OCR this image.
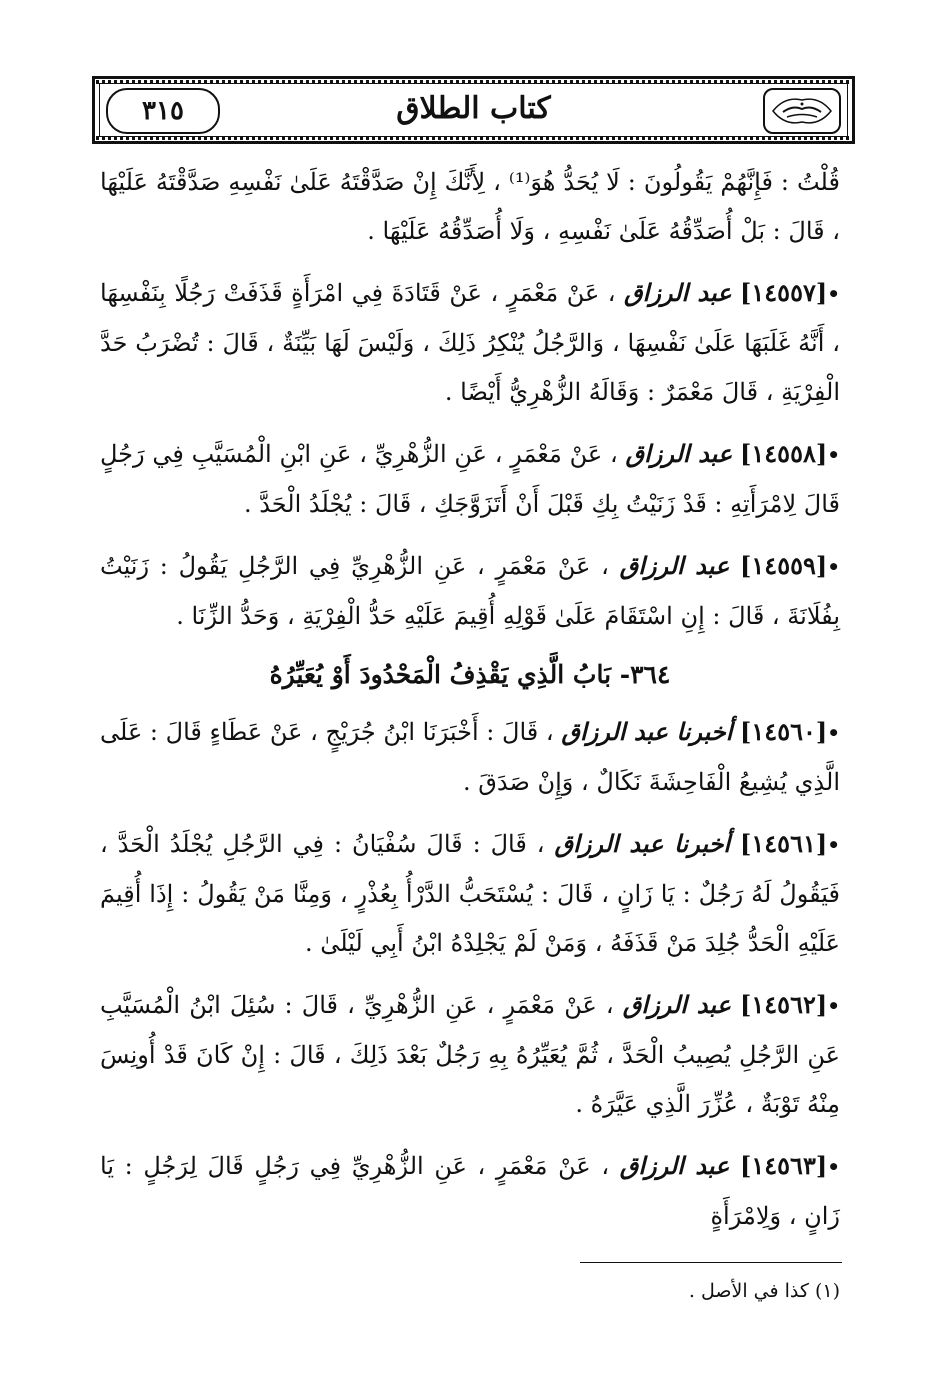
كتاب الطلاق
٣١٥

قُلْتُ : فَإِنَّهُمْ يَقُولُونَ : لَا يُحَدُّ هُوَ⁽¹⁾ ، لِأَنَّكَ إِنْ صَدَّقْتَهُ عَلَىٰ نَفْسِهِ صَدَّقْتَهُ عَلَيْهَا ، قَالَ : بَلْ أُصَدِّقُهُ عَلَىٰ نَفْسِهِ ، وَلَا أُصَدِّقُهُ عَلَيْهَا .

•[١٤٥٥٧] عبد الرزاق ، عَنْ مَعْمَرٍ ، عَنْ قَتَادَةَ فِي امْرَأَةٍ قَذَفَتْ رَجُلًا بِنَفْسِهَا ، أَنَّهُ غَلَبَهَا عَلَىٰ نَفْسِهَا ، وَالرَّجُلُ يُنْكِرُ ذَلِكَ ، وَلَيْسَ لَهَا بَيِّنَةٌ ، قَالَ : تُضْرَبُ حَدَّ الْفِرْيَةِ ، قَالَ مَعْمَرٌ : وَقَالَهُ الزُّهْرِيُّ أَيْضًا .

•[١٤٥٥٨] عبد الرزاق ، عَنْ مَعْمَرٍ ، عَنِ الزُّهْرِيِّ ، عَنِ ابْنِ الْمُسَيَّبِ فِي رَجُلٍ قَالَ لِامْرَأَتِهِ : قَدْ زَنَيْتُ بِكِ قَبْلَ أَنْ أَتَزَوَّجَكِ ، قَالَ : يُجْلَدُ الْحَدَّ .

•[١٤٥٥٩] عبد الرزاق ، عَنْ مَعْمَرٍ ، عَنِ الزُّهْرِيِّ فِي الرَّجُلِ يَقُولُ : زَنَيْتُ بِفُلَانَةَ ، قَالَ : إِنِ اسْتَقَامَ عَلَىٰ قَوْلِهِ أُقِيمَ عَلَيْهِ حَدُّ الْفِرْيَةِ ، وَحَدُّ الزِّنَا .

٣٦٤- بَابُ الَّذِي يَقْذِفُ الْمَحْدُودَ أَوْ يُعَيِّرُهُ

•[١٤٥٦٠] أخبرنا عبد الرزاق ، قَالَ : أَخْبَرَنَا ابْنُ جُرَيْجٍ ، عَنْ عَطَاءٍ قَالَ : عَلَى الَّذِي يُشِيعُ الْفَاحِشَةَ نَكَالٌ ، وَإِنْ صَدَقَ .

•[١٤٥٦١] أخبرنا عبد الرزاق ، قَالَ : قَالَ سُفْيَانُ : فِي الرَّجُلِ يُجْلَدُ الْحَدَّ ، فَيَقُولُ لَهُ رَجُلٌ : يَا زَانٍ ، قَالَ : يُسْتَحَبُّ الدَّرْأُ بِعُذْرٍ ، وَمِنَّا مَنْ يَقُولُ : إِذَا أُقِيمَ عَلَيْهِ الْحَدُّ جُلِدَ مَنْ قَذَفَهُ ، وَمَنْ لَمْ يَجْلِدْهُ ابْنُ أَبِي لَيْلَىٰ .

•[١٤٥٦٢] عبد الرزاق ، عَنْ مَعْمَرٍ ، عَنِ الزُّهْرِيِّ ، قَالَ : سُئِلَ ابْنُ الْمُسَيَّبِ عَنِ الرَّجُلِ يُصِيبُ الْحَدَّ ، ثُمَّ يُعَيِّرُهُ بِهِ رَجُلٌ بَعْدَ ذَلِكَ ، قَالَ : إِنْ كَانَ قَدْ أُونِسَ مِنْهُ تَوْبَةٌ ، عُزِّرَ الَّذِي عَيَّرَهُ .

•[١٤٥٦٣] عبد الرزاق ، عَنْ مَعْمَرٍ ، عَنِ الزُّهْرِيِّ فِي رَجُلٍ قَالَ لِرَجُلٍ : يَا زَانٍ ، وَلِامْرَأَةٍ

(١) كذا في الأصل .
